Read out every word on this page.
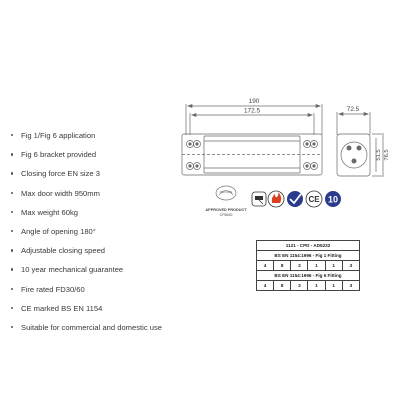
Fig 1/Fig 6 application
Fig 6 bracket provided
Closing force EN size 3
Max door width 950mm
Max weight 60kg
Angle of opening 180°
Adjustable closing speed
10 year mechanical guarantee
Fire rated FD30/60
CE marked BS EN 1154
Suitable for commercial and domestic use
190
172.5	72.5
51.5 76.5
CERTIFIRE
APPROVED PRODUCT
CF5630
CE 10
1121 - CPD - AD5232					
BS EN 1154:1996 - Fig 1 Fitting					
4	8	3	1	1	3
BS EN 1154:1996 - Fig 6 Fitting					
4	8	3	1	1	3
